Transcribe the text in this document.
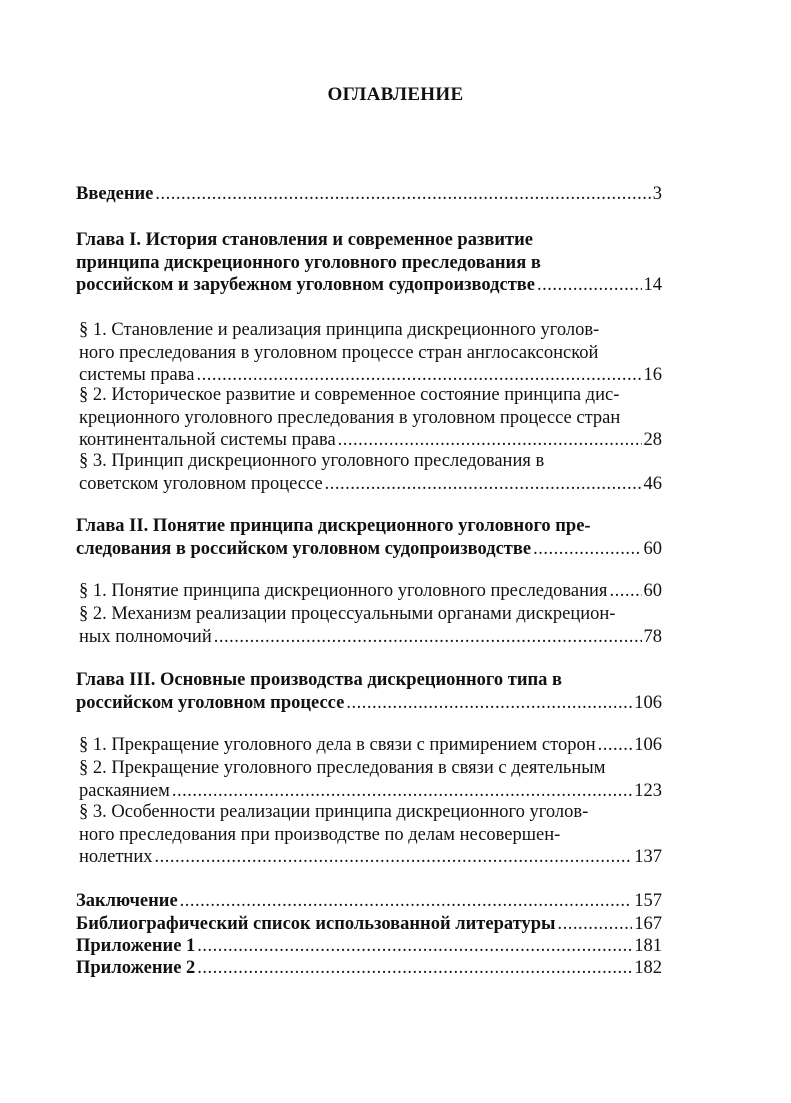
ОГЛАВЛЕНИЕ
Введение .....	3
Глава I. История становления и современное развитие
принципа дискреционного уголовного преследования в
российском и зарубежном уголовном судопроизводстве .....	14
§ 1. Становление и реализация принципа дискреционного уголов-
ного преследования в уголовном процессе стран англосаксонской
системы права .....	16
§ 2. Историческое развитие и современное состояние принципа дис-
креционного уголовного преследования в уголовном процессе стран
континентальной системы права .....	28
§ 3. Принцип дискреционного уголовного преследования в
советском уголовном процессе .....	46
Глава II. Понятие принципа дискреционного уголовного пре-
следования в российском уголовном судопроизводстве .....	60
§ 1. Понятие принципа дискреционного уголовного преследования ..... 60
§ 2. Механизм реализации процессуальными органами дискрецион-
ных полномочий .....	78
Глава III. Основные производства дискреционного типа в
российском уголовном процессе .....	106
§ 1. Прекращение уголовного дела в связи с примирением сторон ..... 106
§ 2. Прекращение уголовного преследования в связи с деятельным
раскаянием .....	123
§ 3. Особенности реализации принципа дискреционного уголов-
ного преследования при производстве по делам несовершен-
нолетних .....	137
Заключение .....	157
Библиографический список использованной литературы .....	167
Приложение 1 .....	181
Приложение 2 .....	182
